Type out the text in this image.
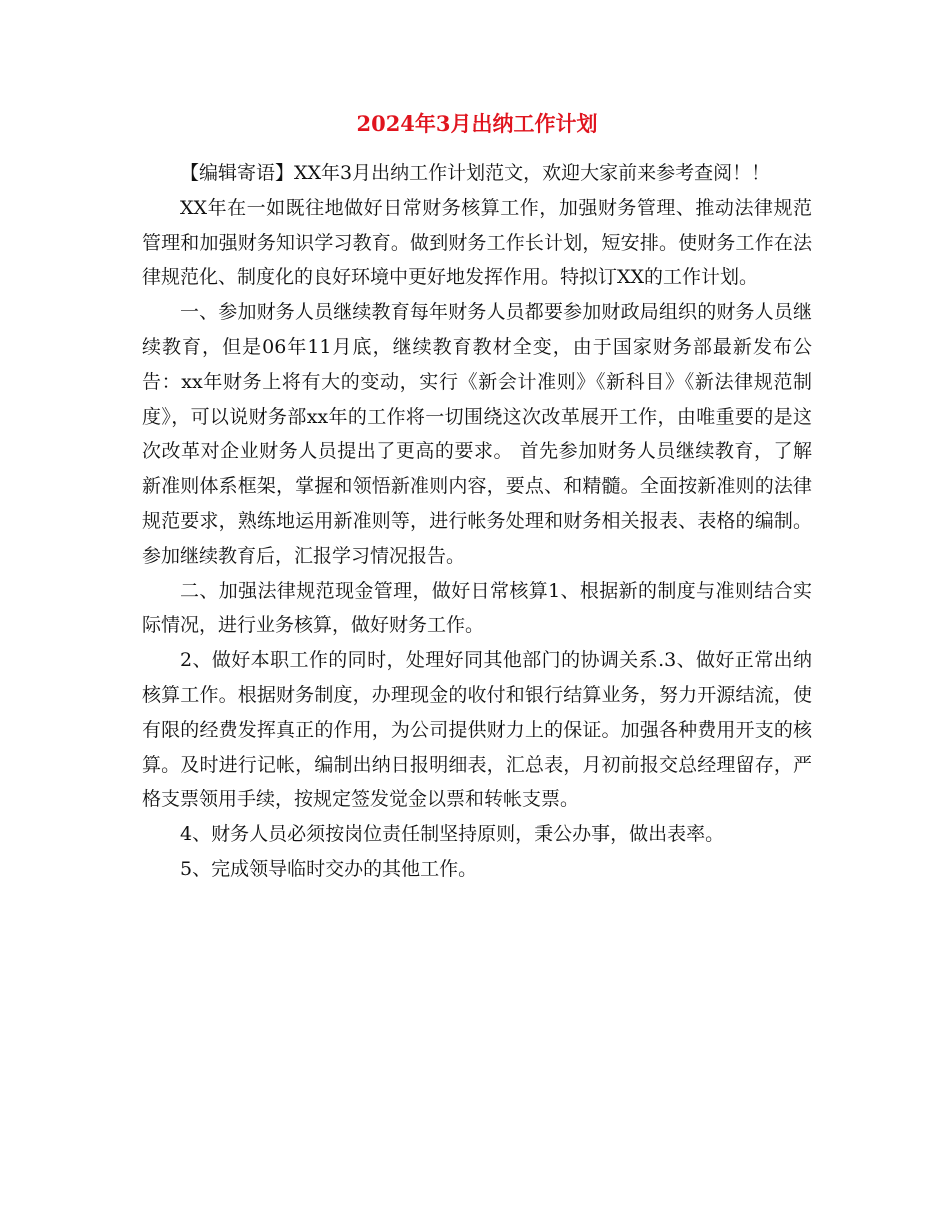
2024年3月出纳工作计划

【编辑寄语】XX年3月出纳工作计划范文，欢迎大家前来参考查阅！！

XX年在一如既往地做好日常财务核算工作，加强财务管理、推动法律规范管理和加强财务知识学习教育。做到财务工作长计划，短安排。使财务工作在法律规范化、制度化的良好环境中更好地发挥作用。特拟订XX的工作计划。

一、参加财务人员继续教育每年财务人员都要参加财政局组织的财务人员继续教育，但是06年11月底，继续教育教材全变，由于国家财务部最新发布公告：xx年财务上将有大的变动，实行《新会计准则》《新科目》《新法律规范制度》，可以说财务部xx年的工作将一切围绕这次改革展开工作，由唯重要的是这次改革对企业财务人员提出了更高的要求。 首先参加财务人员继续教育，了解新准则体系框架，掌握和领悟新准则内容，要点、和精髓。全面按新准则的法律规范要求，熟练地运用新准则等，进行帐务处理和财务相关报表、表格的编制。 参加继续教育后，汇报学习情况报告。

二、加强法律规范现金管理，做好日常核算1、根据新的制度与准则结合实际情况，进行业务核算，做好财务工作。

2、做好本职工作的同时，处理好同其他部门的协调关系.3、做好正常出纳核算工作。根据财务制度，办理现金的收付和银行结算业务，努力开源结流，使有限的经费发挥真正的作用，为公司提供财力上的保证。加强各种费用开支的核算。及时进行记帐，编制出纳日报明细表，汇总表，月初前报交总经理留存，严格支票领用手续，按规定签发觉金以票和转帐支票。

4、财务人员必须按岗位责任制坚持原则，秉公办事，做出表率。

5、完成领导临时交办的其他工作。
